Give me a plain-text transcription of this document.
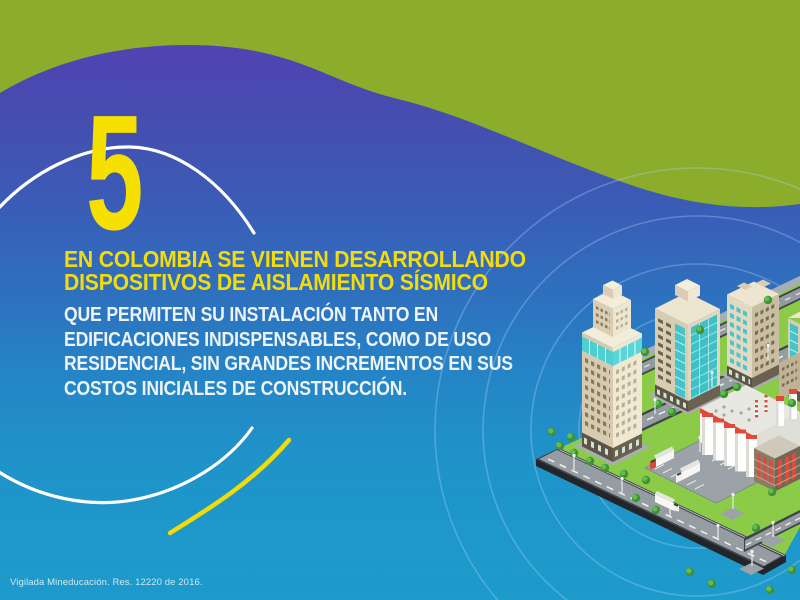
5
EN COLOMBIA SE VIENEN DESARROLLANDO
DISPOSITIVOS DE AISLAMIENTO SÍSMICO
QUE PERMITEN SU INSTALACIÓN TANTO EN
EDIFICACIONES INDISPENSABLES, COMO DE USO
RESIDENCIAL, SIN GRANDES INCREMENTOS EN SUS
COSTOS INICIALES DE CONSTRUCCIÓN.
Vigilada Mineducación. Res. 12220 de 2016.
